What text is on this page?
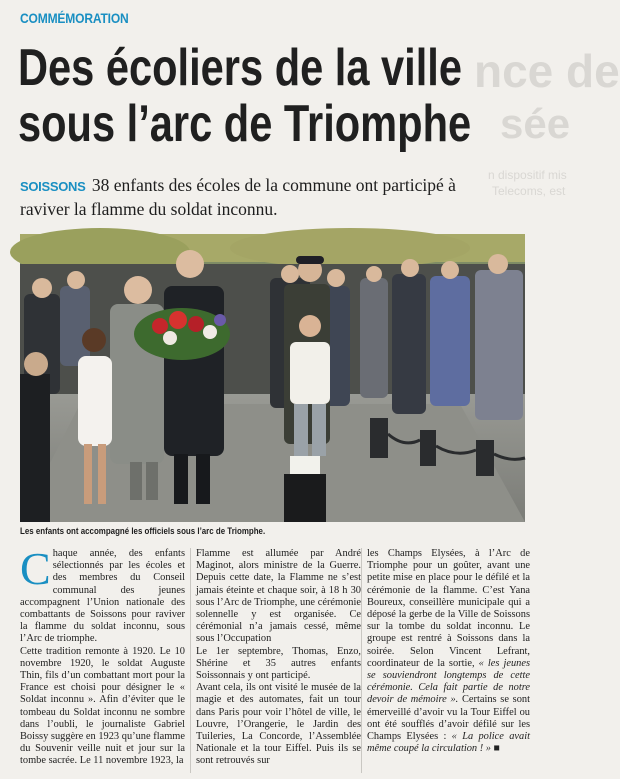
nce de
sée
n dispositif mis
Telecoms, est
COMMÉMORATION
Des écoliers de la ville
sous l’arc de Triomphe
SOISSONS 38 enfants des écoles de la commune ont participé à raviver la flamme du soldat inconnu.
Les enfants ont accompagné les officiels sous l’arc de Triomphe.

Chaque année, des enfants sélectionnés par les écoles et des membres du Conseil communal des jeunes accompagnent l’Union nationale des combattants de Soissons pour raviver la flamme du soldat inconnu, sous l’Arc de triomphe.

Cette tradition remonte à 1920. Le 10 novembre 1920, le soldat Auguste Thin, fils d’un combattant mort pour la France est choisi pour désigner le « Soldat inconnu ». Afin d’éviter que le tombeau du Soldat inconnu ne sombre dans l’oubli, le journaliste Gabriel Boissy suggère en 1923 qu’une flamme du Souvenir veille nuit et jour sur la tombe sacrée. Le 11 novembre 1923, la

Flamme est allumée par André Maginot, alors ministre de la Guerre. Depuis cette date, la Flamme ne s’est jamais éteinte et chaque soir, à 18 h 30 sous l’Arc de Triomphe, une cérémonie solennelle y est organisée. Ce cérémonial n’a jamais cessé, même sous l’Occupation

Le 1er septembre, Thomas, Enzo, Shérine et 35 autres enfants Soissonnais y ont participé.

Avant cela, ils ont visité le musée de la magie et des automates, fait un tour dans Paris pour voir l’hôtel de ville, le Louvre, l’Orangerie, le Jardin des Tuileries, La Concorde, l’Assemblée Nationale et la tour Eiffel. Puis ils se sont retrouvés sur

les Champs Elysées, à l’Arc de Triomphe pour un goûter, avant une petite mise en place pour le défilé et la cérémonie de la flamme. C’est Yana Boureux, conseillère municipale qui a déposé la gerbe de la Ville de Soissons sur la tombe du soldat inconnu. Le groupe est rentré à Soissons dans la soirée. Selon Vincent Lefrant, coordinateur de la sortie, « les jeunes se souviendront longtemps de cette cérémonie. Cela fait partie de notre devoir de mémoire ». Certains se sont émerveillé d’avoir vu la Tour Eiffel ou ont été soufflés d’avoir défilé sur les Champs Elysées : « La police avait même coupé la circulation ! » ■
